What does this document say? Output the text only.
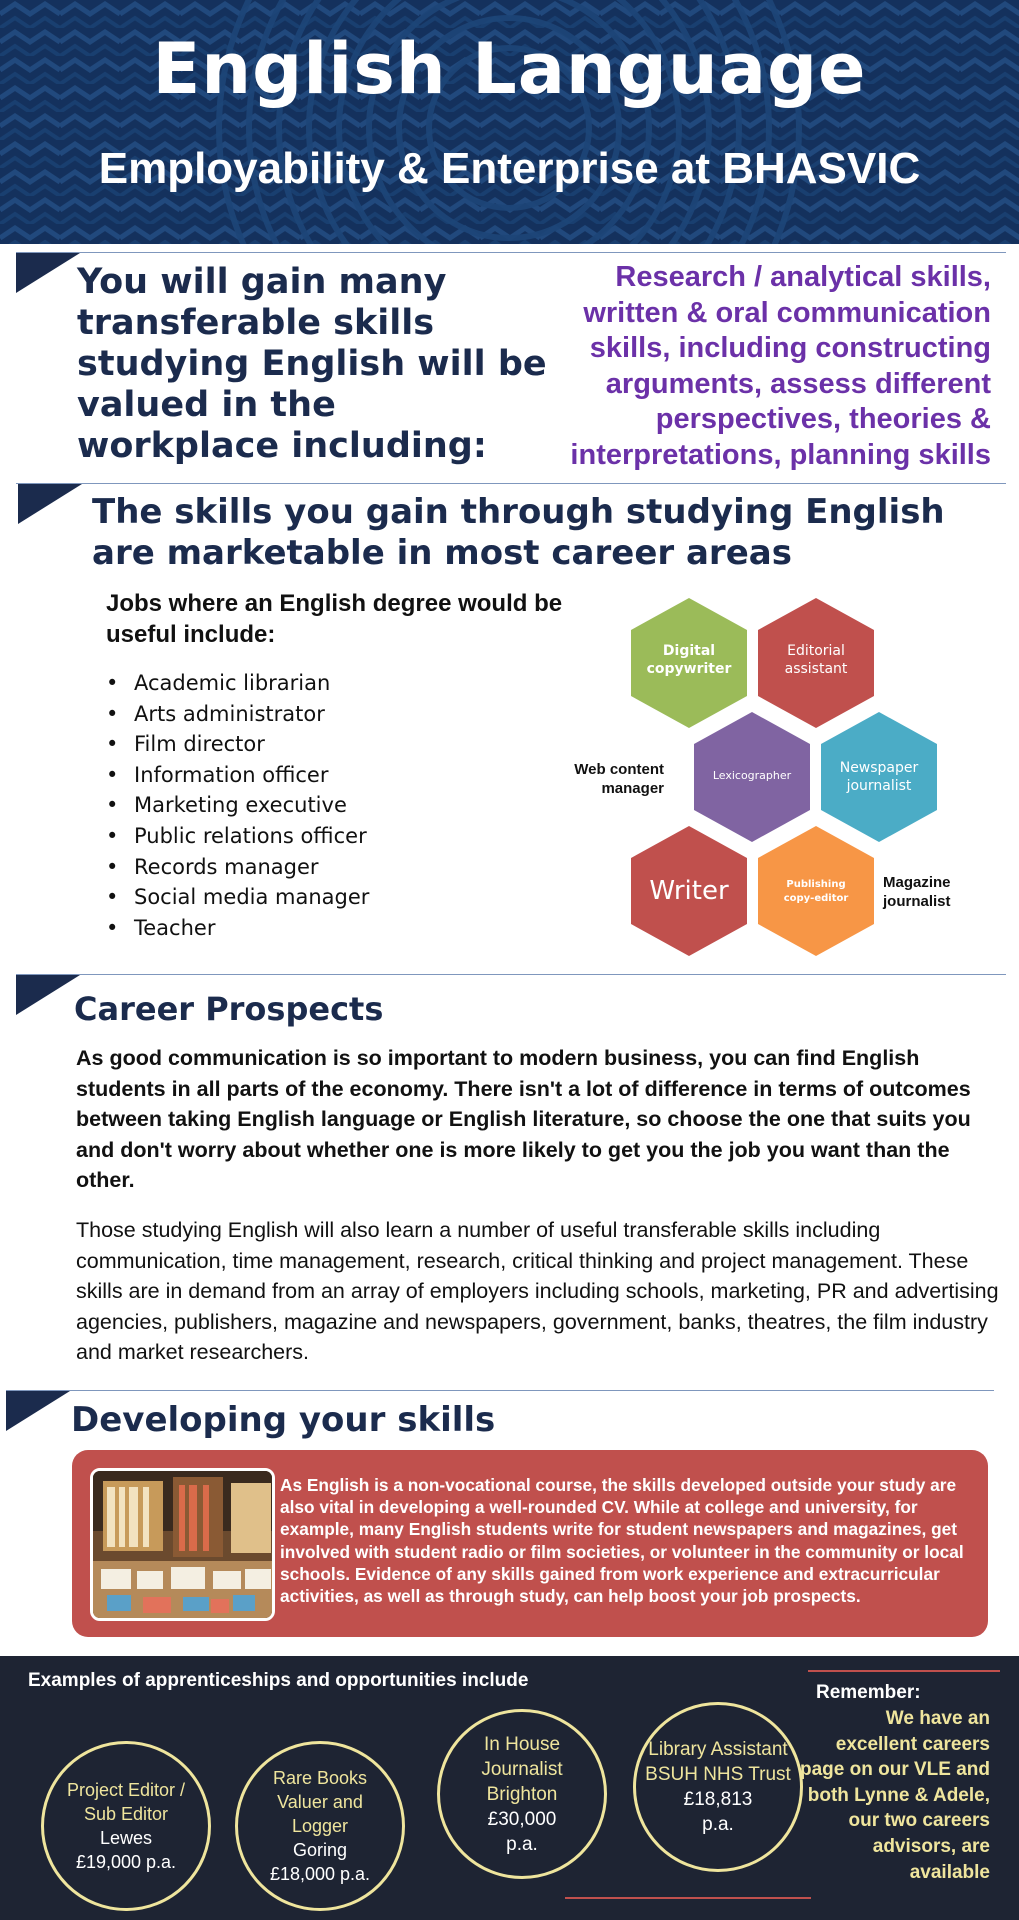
English Language
Employability & Enterprise at BHASVIC
You will gain many transferable skills studying English will be valued in the workplace including:
Research / analytical skills, written & oral communication skills, including constructing arguments, assess different perspectives, theories & interpretations, planning skills
The skills you gain through studying English are marketable in most career areas
Jobs where an English degree would be useful include:
• Academic librarian
• Arts administrator
• Film director
• Information officer
• Marketing executive
• Public relations officer
• Records manager
• Social media manager
• Teacher
Digital copywriter
Editorial assistant
Lexicographer	Newspaper journalist
Writer	Publishing copy-editor
Web content manager
Magazine journalist
Career Prospects
As good communication is so important to modern business, you can find English students in all parts of the economy. There isn't a lot of difference in terms of outcomes between taking English language or English literature, so choose the one that suits you and don't worry about whether one is more likely to get you the job you want than the other.
Those studying English will also learn a number of useful transferable skills including communication, time management, research, critical thinking and project management. These skills are in demand from an array of employers including schools, marketing, PR and advertising agencies, publishers, magazine and newspapers, government, banks, theatres, the film industry and market researchers.
Developing your skills
As English is a non-vocational course, the skills developed outside your study are also vital in developing a well-rounded CV. While at college and university, for example, many English students write for student newspapers and magazines, get involved with student radio or film societies, or volunteer in the community or local schools. Evidence of any skills gained from work experience and extracurricular activities, as well as through study, can help boost your job prospects.
Examples of apprenticeships and opportunities include
Project Editor / Sub Editor
Lewes
£19,000 p.a.
Rare Books Valuer and Logger
Goring
£18,000 p.a.
In House Journalist Brighton
£30,000 p.a.
Library Assistant BSUH NHS Trust
£18,813 p.a.
Remember:
We have an excellent careers page on our VLE and both Lynne & Adele, our two careers advisors, are available
